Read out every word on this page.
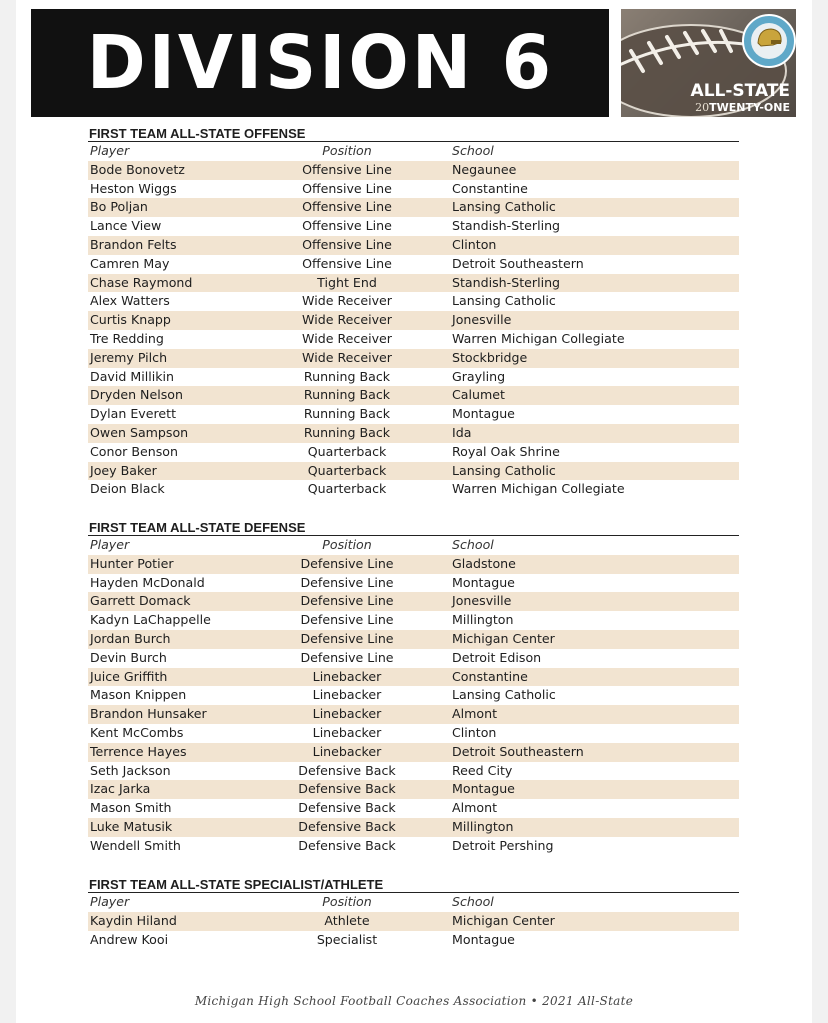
DIVISION 6	ALL-STATE
20TWENTY-ONE
FIRST TEAM ALL-STATE OFFENSE
Player	Position	School
Bode Bonovetz	Offensive Line	Negaunee
Heston Wiggs	Offensive Line	Constantine
Bo Poljan	Offensive Line	Lansing Catholic
Lance View	Offensive Line	Standish-Sterling
Brandon Felts	Offensive Line	Clinton
Camren May	Offensive Line	Detroit Southeastern
Chase Raymond	Tight End	Standish-Sterling
Alex Watters	Wide Receiver	Lansing Catholic
Curtis Knapp	Wide Receiver	Jonesville
Tre Redding	Wide Receiver	Warren Michigan Collegiate
Jeremy Pilch	Wide Receiver	Stockbridge
David Millikin	Running Back	Grayling
Dryden Nelson	Running Back	Calumet
Dylan Everett	Running Back	Montague
Owen Sampson	Running Back	Ida
Conor Benson	Quarterback	Royal Oak Shrine
Joey Baker	Quarterback	Lansing Catholic
Deion Black	Quarterback	Warren Michigan Collegiate
FIRST TEAM ALL-STATE DEFENSE
Player	Position	School
Hunter Potier	Defensive Line	Gladstone
Hayden McDonald	Defensive Line	Montague
Garrett Domack	Defensive Line	Jonesville
Kadyn LaChappelle	Defensive Line	Millington
Jordan Burch	Defensive Line	Michigan Center
Devin Burch	Defensive Line	Detroit Edison
Juice Griffith	Linebacker	Constantine
Mason Knippen	Linebacker	Lansing Catholic
Brandon Hunsaker	Linebacker	Almont
Kent McCombs	Linebacker	Clinton
Terrence Hayes	Linebacker	Detroit Southeastern
Seth Jackson	Defensive Back	Reed City
Izac Jarka	Defensive Back	Montague
Mason Smith	Defensive Back	Almont
Luke Matusik	Defensive Back	Millington
Wendell Smith	Defensive Back	Detroit Pershing
FIRST TEAM ALL-STATE SPECIALIST/ATHLETE
Player	Position	School
Kaydin Hiland	Athlete	Michigan Center
Andrew Kooi	Specialist	Montague
Michigan High School Football Coaches Association • 2021 All-State
